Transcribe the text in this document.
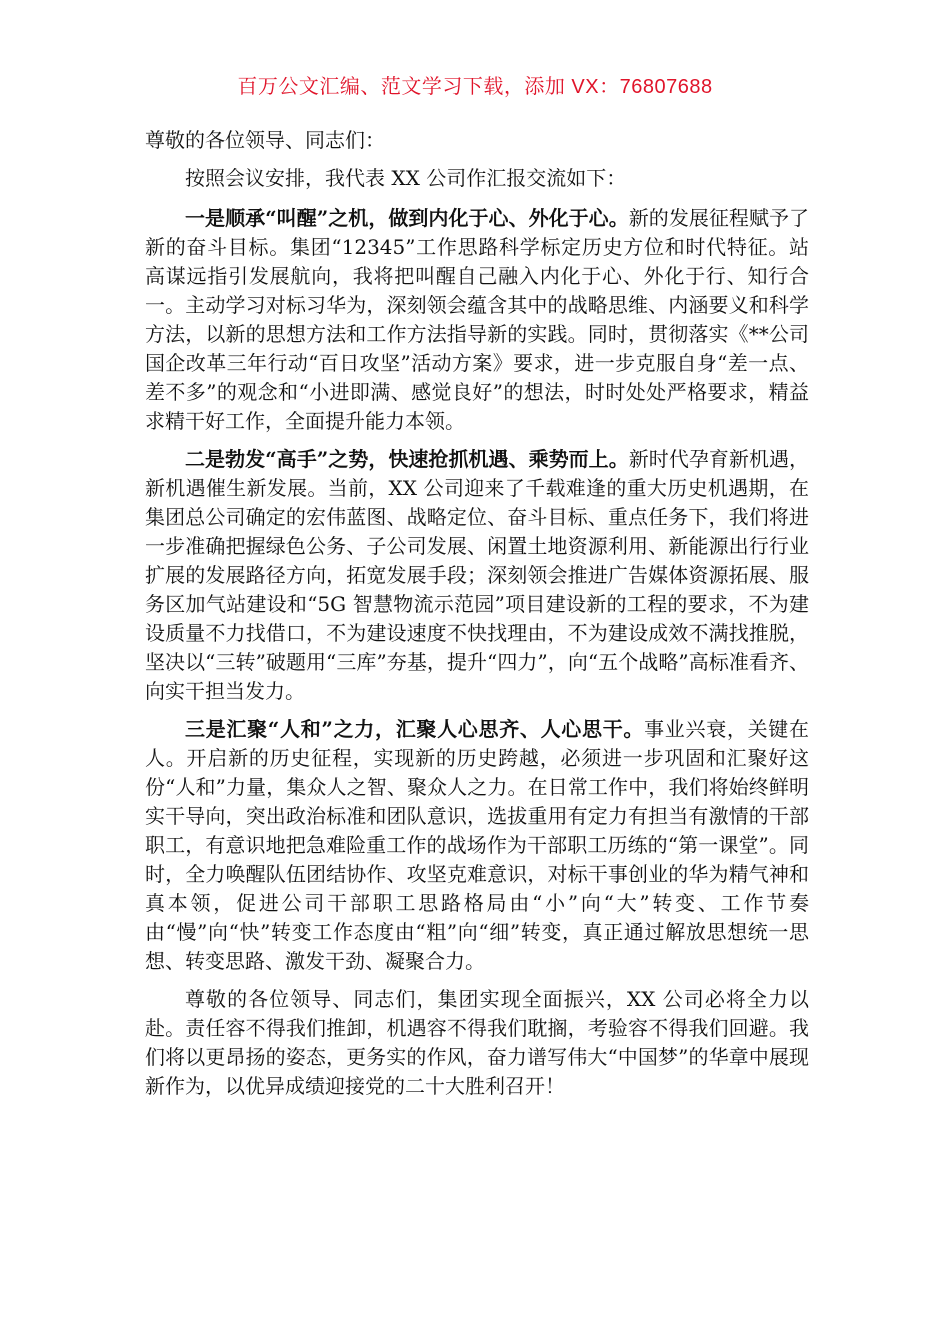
百万公文汇编、范文学习下载，添加 VX：76807688

尊敬的各位领导、同志们：

按照会议安排，我代表 XX 公司作汇报交流如下：

一是顺承“叫醒”之机，做到内化于心、外化于心。新的发展征程赋予了新的奋斗目标。集团“12345”工作思路科学标定历史方位和时代特征。站高谋远指引发展航向，我将把叫醒自己融入内化于心、外化于行、知行合一。主动学习对标习华为，深刻领会蕴含其中的战略思维、内涵要义和科学方法，以新的思想方法和工作方法指导新的实践。同时，贯彻落实《**公司国企改革三年行动“百日攻坚”活动方案》要求，进一步克服自身“差一点、差不多”的观念和“小进即满、感觉良好”的想法，时时处处严格要求，精益求精干好工作，全面提升能力本领。

二是勃发“高手”之势，快速抢抓机遇、乘势而上。新时代孕育新机遇，新机遇催生新发展。当前，XX 公司迎来了千载难逢的重大历史机遇期，在集团总公司确定的宏伟蓝图、战略定位、奋斗目标、重点任务下，我们将进一步准确把握绿色公务、子公司发展、闲置土地资源利用、新能源出行行业扩展的发展路径方向，拓宽发展手段；深刻领会推进广告媒体资源拓展、服务区加气站建设和“5G 智慧物流示范园”项目建设新的工程的要求，不为建设质量不力找借口，不为建设速度不快找理由，不为建设成效不满找推脱，坚决以“三转”破题用“三库”夯基，提升“四力”，向“五个战略”高标准看齐、向实干担当发力。

三是汇聚“人和”之力，汇聚人心思齐、人心思干。事业兴衰，关键在人。开启新的历史征程，实现新的历史跨越，必须进一步巩固和汇聚好这份“人和”力量，集众人之智、聚众人之力。在日常工作中，我们将始终鲜明实干导向，突出政治标准和团队意识，选拔重用有定力有担当有激情的干部职工，有意识地把急难险重工作的战场作为干部职工历练的“第一课堂”。同时，全力唤醒队伍团结协作、攻坚克难意识，对标干事创业的华为精气神和真本领，促进公司干部职工思路格局由“小”向“大”转变、工作节奏由“慢”向“快”转变工作态度由“粗”向“细”转变，真正通过解放思想统一思想、转变思路、激发干劲、凝聚合力。

尊敬的各位领导、同志们，集团实现全面振兴，XX 公司必将全力以赴。责任容不得我们推卸，机遇容不得我们耽搁，考验容不得我们回避。我们将以更昂扬的姿态，更务实的作风，奋力谱写伟大“中国梦”的华章中展现新作为，以优异成绩迎接党的二十大胜利召开！
